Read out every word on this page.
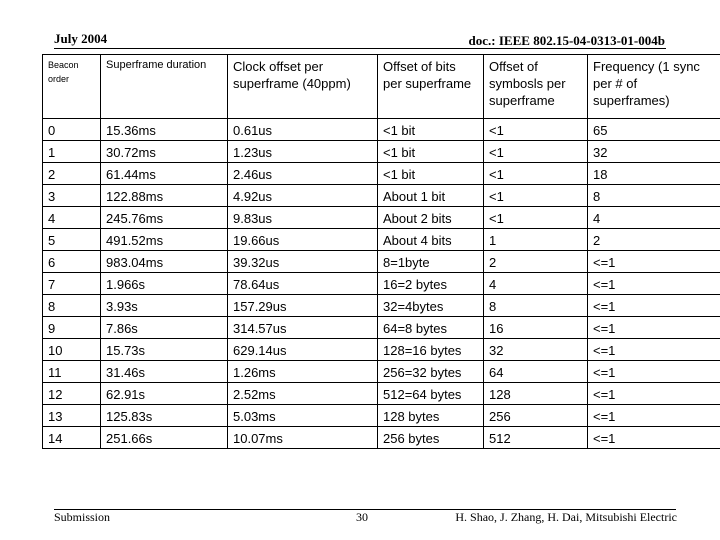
July 2004	doc.: IEEE 802.15-04-0313-01-004b
Beacon order	Superframe duration	Clock offset per superframe (40ppm)	Offset of bits per superframe	Offset of symbosls per superframe	Frequency (1 sync per # of superframes)
0	15.36ms	0.61us	<1 bit	<1	65
1	30.72ms	1.23us	<1 bit	<1	32
2	61.44ms	2.46us	<1 bit	<1	18
3	122.88ms	4.92us	About 1 bit	<1	8
4	245.76ms	9.83us	About 2 bits	<1	4
5	491.52ms	19.66us	About 4 bits	1	2
6	983.04ms	39.32us	8=1byte	2	<=1
7	1.966s	78.64us	16=2 bytes	4	<=1
8	3.93s	157.29us	32=4bytes	8	<=1
9	7.86s	314.57us	64=8 bytes	16	<=1
10	15.73s	629.14us	128=16 bytes	32	<=1
11	31.46s	1.26ms	256=32 bytes	64	<=1
12	62.91s	2.52ms	512=64 bytes	128	<=1
13	125.83s	5.03ms	128 bytes	256	<=1
14	251.66s	10.07ms	256 bytes	512	<=1
Submission	30	H. Shao, J. Zhang, H. Dai, Mitsubishi Electric
